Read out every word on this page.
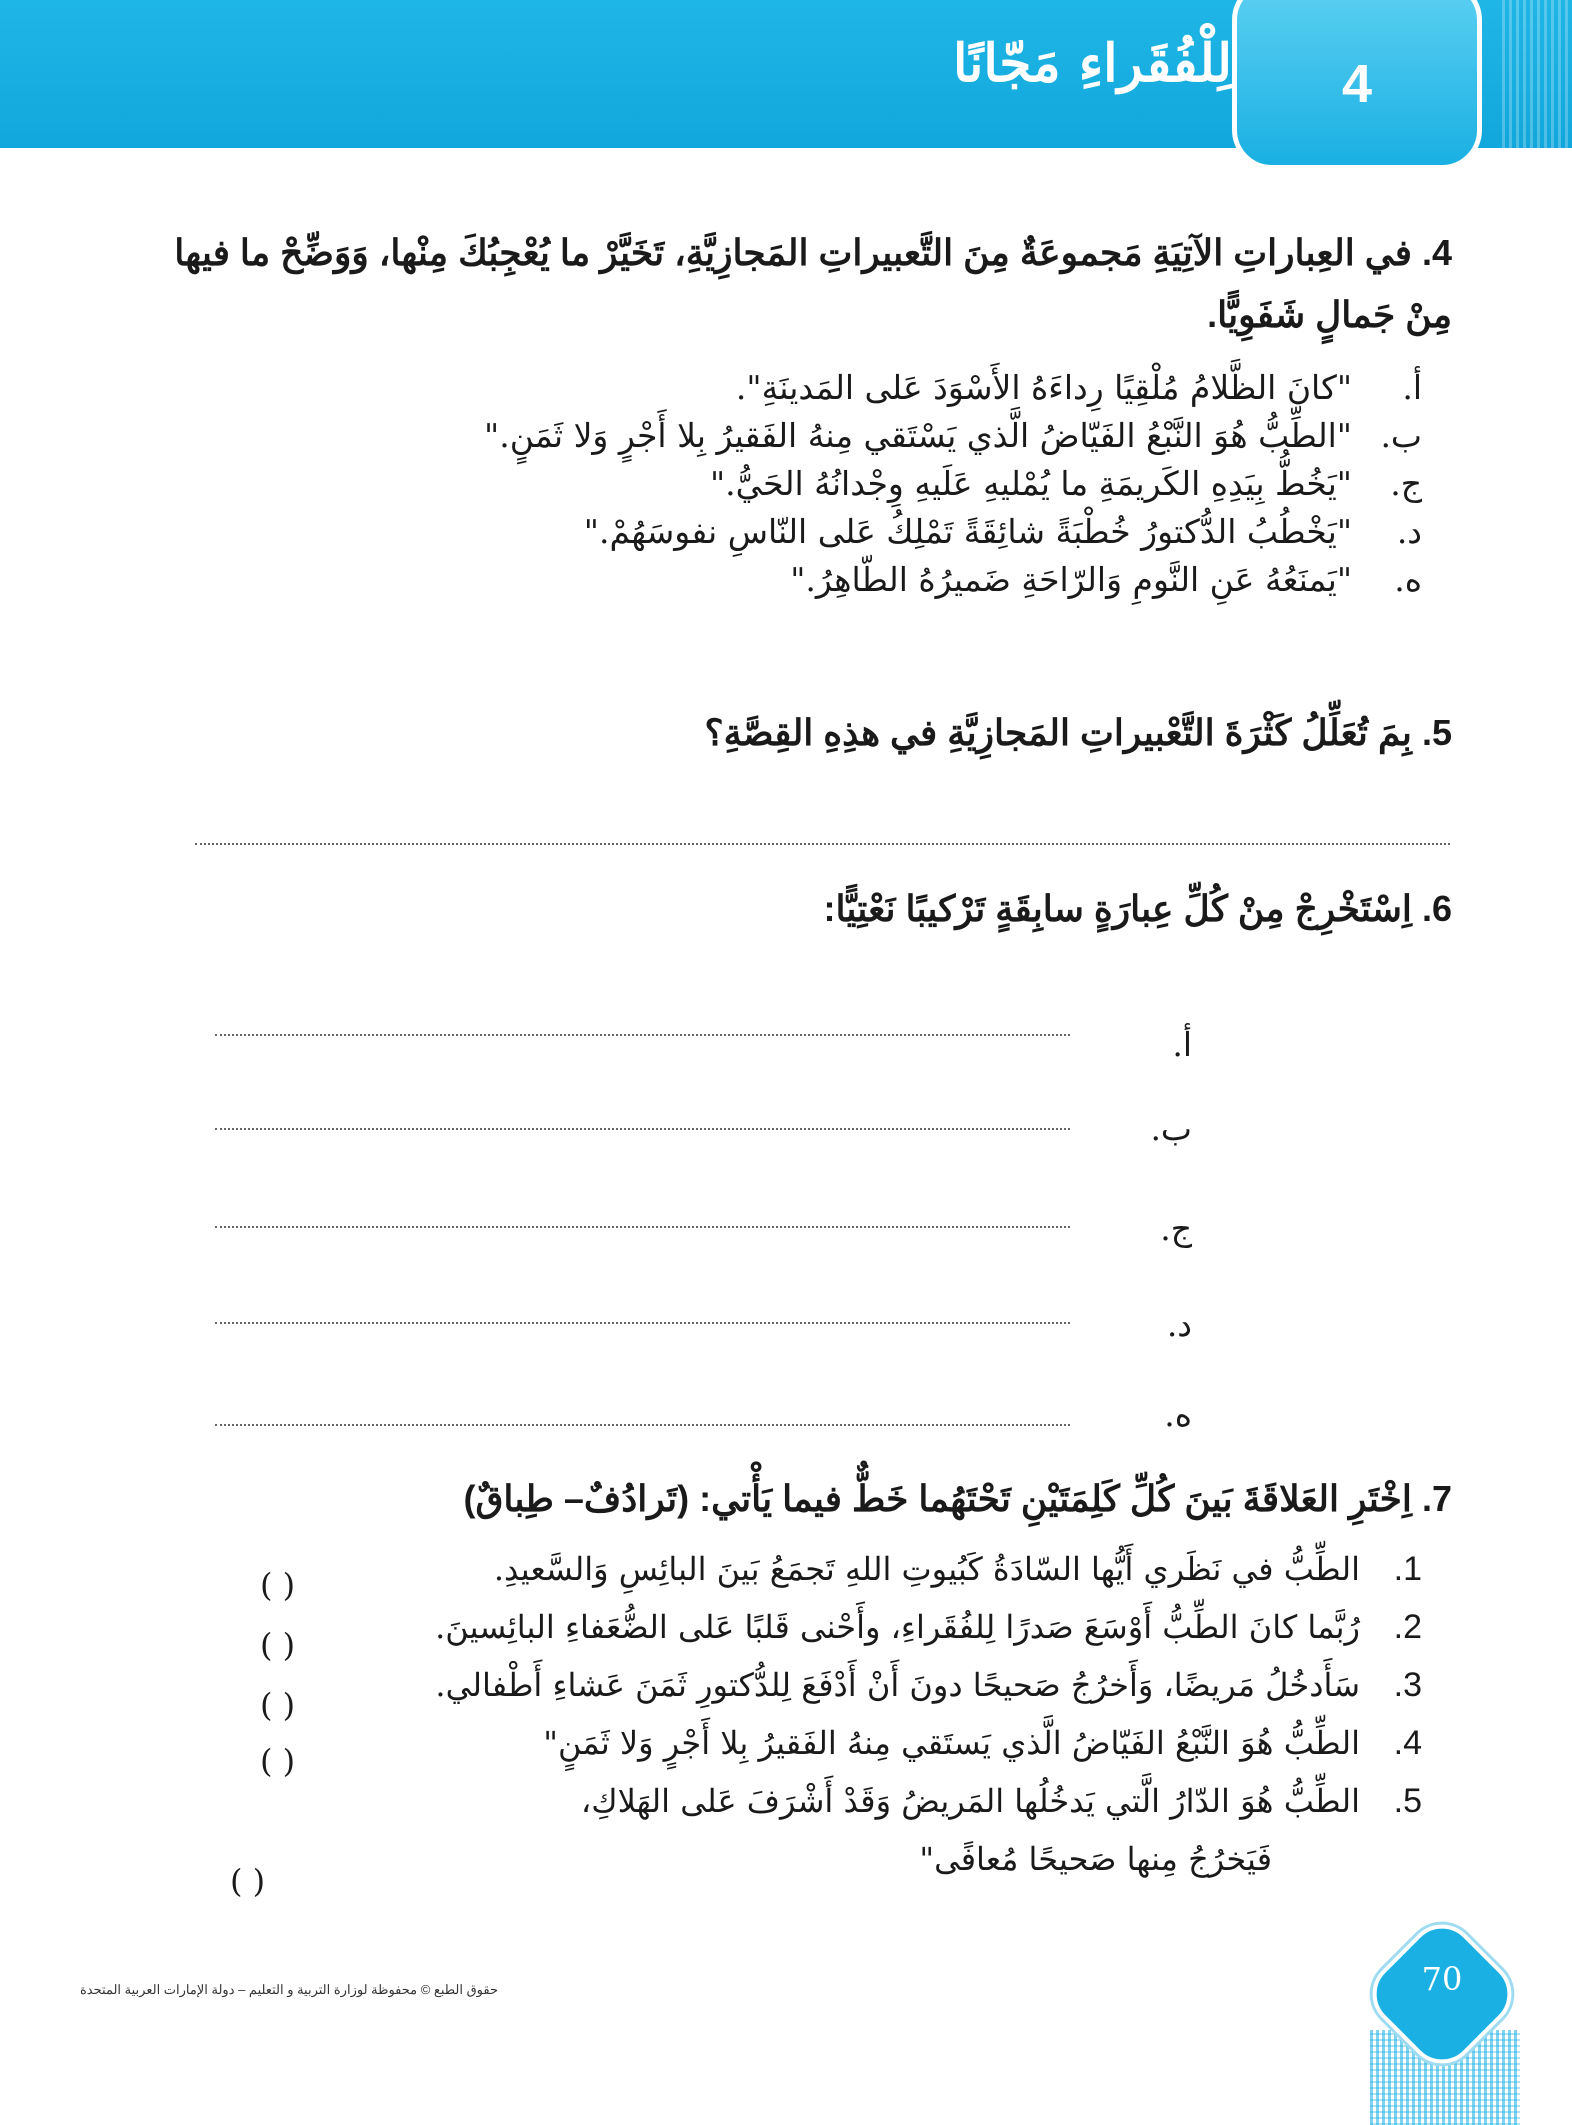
لِلْفُقَراءِ مَجّانًا 4
4. في العِباراتِ الآتِيَةِ مَجموعَةٌ مِنَ التَّعبيراتِ المَجازِيَّةِ، تَخَيَّرْ ما يُعْجِبُكَ مِنْها، وَوَضِّحْ ما فيها مِنْ جَمالٍ شَفَوِيًّا.
أ."كانَ الظَّلامُ مُلْقِيًا رِداءَهُ الأَسْوَدَ عَلى المَدينَةِ".
ب."الطِّبُّ هُوَ النَّبْعُ الفَيّاضُ الَّذي يَسْتَقي مِنهُ الفَقيرُ بِلا أَجْرٍ وَلا ثَمَنٍ."
ج."يَخُطُّ بِيَدِهِ الكَريمَةِ ما يُمْليهِ عَلَيهِ وِجْدانُهُ الحَيُّ."
د."يَخْطُبُ الدُّكتورُ خُطْبَةً شائِقَةً تَمْلِكُ عَلى النّاسِ نفوسَهُمْ."
ه."يَمنَعُهُ عَنِ النَّومِ وَالرّاحَةِ ضَميرُهُ الطّاهِرُ."
5. بِمَ تُعَلِّلُ كَثْرَةَ التَّعْبيراتِ المَجازِيَّةِ في هذِهِ القِصَّةِ؟
6. اِسْتَخْرِجْ مِنْ كُلِّ عِبارَةٍ سابِقَةٍ تَرْكيبًا نَعْتِيًّا:
أ.
ب.
ج.
د.
ه.
7. اِخْتَرِ العَلاقَةَ بَينَ كُلِّ كَلِمَتَيْنِ تَحْتَهُما خَطٌّ فيما يَأْتي: (تَرادُفٌ– طِباقٌ)
1.الطِّبُّ في نَظَري أَيُّها السّادَةُ كَبُيوتِ اللهِ تَجمَعُ بَينَ البائِسِ وَالسَّعيدِ.
2.رُبَّما كانَ الطِّبُّ أَوْسَعَ صَدرًا لِلفُقَراءِ، وأَحْنى قَلبًا عَلى الضُّعَفاءِ البائِسينَ.
3.سَأَدخُلُ مَريضًا، وَأَخرُجُ صَحيحًا دونَ أَنْ أَدْفَعَ لِلدُّكتورِ ثَمَنَ عَشاءِ أَطْفالي.
4.الطِّبُّ هُوَ النَّبْعُ الفَيّاضُ الَّذي يَستَقي مِنهُ الفَقيرُ بِلا أَجْرٍ وَلا ثَمَنٍ"
5.الطِّبُّ هُوَ الدّارُ الَّتي يَدخُلُها المَريضُ وَقَدْ أَشْرَفَ عَلى الهَلاكِ،
فَيَخرُجُ مِنها صَحيحًا مُعافًى"
( )
( )
( )
( )
( )
حقوق الطبع © محفوظة لوزارة التربية و التعليم – دولة الإمارات العربية المتحدة	70
